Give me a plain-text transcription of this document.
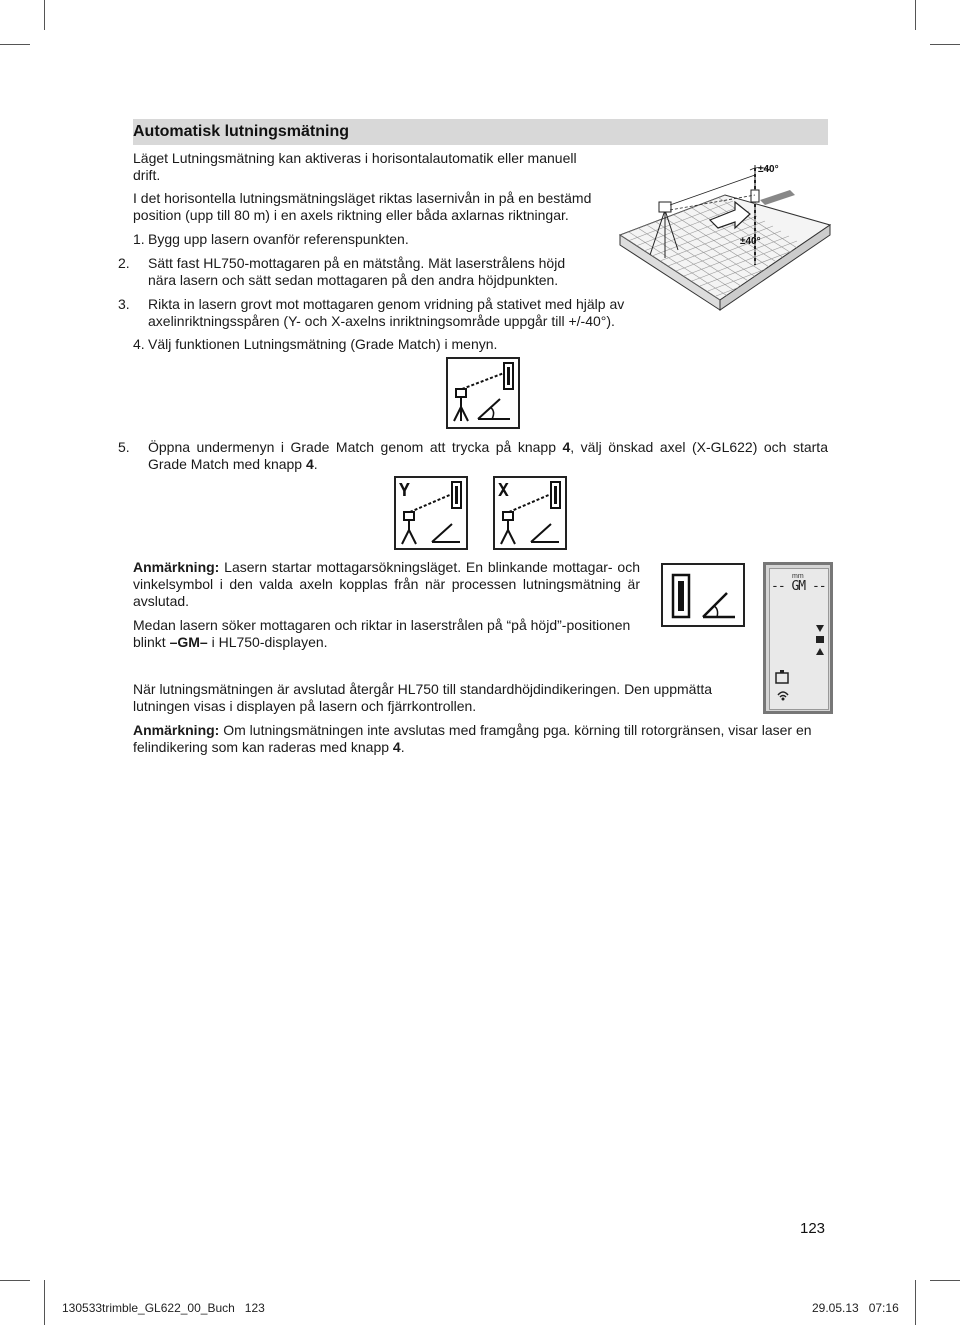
Automatisk lutningsmätning

Läget Lutningsmätning kan aktiveras i horisontalautomatik eller manuell drift.

I det horisontella lutningsmätningsläget riktas lasernivån in på en bestämd position (upp till 80 m) i en axels riktning eller båda axlarnas riktningar.

1. Bygg upp lasern ovanför referenspunkten.

2. Sätt fast HL750-mottagaren på en mätstång. Mät laserstrålens höjd nära lasern och sätt sedan mottagaren på den andra höjdpunkten.

3. Rikta in lasern grovt mot mottagaren genom vridning på stativet med hjälp av axelinriktningsspåren (Y- och X-axelns inriktningsområde uppgår till +/-40°).

4. Välj funktionen Lutningsmätning (Grade Match) i menyn.

±40°
±40°

5. Öppna undermenyn i Grade Match genom att trycka på knapp 4, välj önskad axel (X-GL622) och starta Grade Match med knapp 4.

Y	X

Anmärkning: Lasern startar mottagarsökningsläget. En blinkande mottagar- och vinkelsymbol i den valda axeln kopplas från när processen lutningsmätning är avslutad.

Medan lasern söker mottagaren och riktar in laserstrålen på “på höjd”-positionen blinkt –GM– i HL750-displayen.

mm
-- GM --

När lutningsmätningen är avslutad återgår HL750 till standardhöjdindikeringen. Den uppmätta lutningen visas i displayen på lasern och fjärrkontrollen.

Anmärkning: Om lutningsmätningen inte avslutas med framgång pga. körning till rotorgränsen, visar laser en felindikering som kan raderas med knapp 4.

123
130533trimble_GL622_00_Buch   123	29.05.13   07:16
